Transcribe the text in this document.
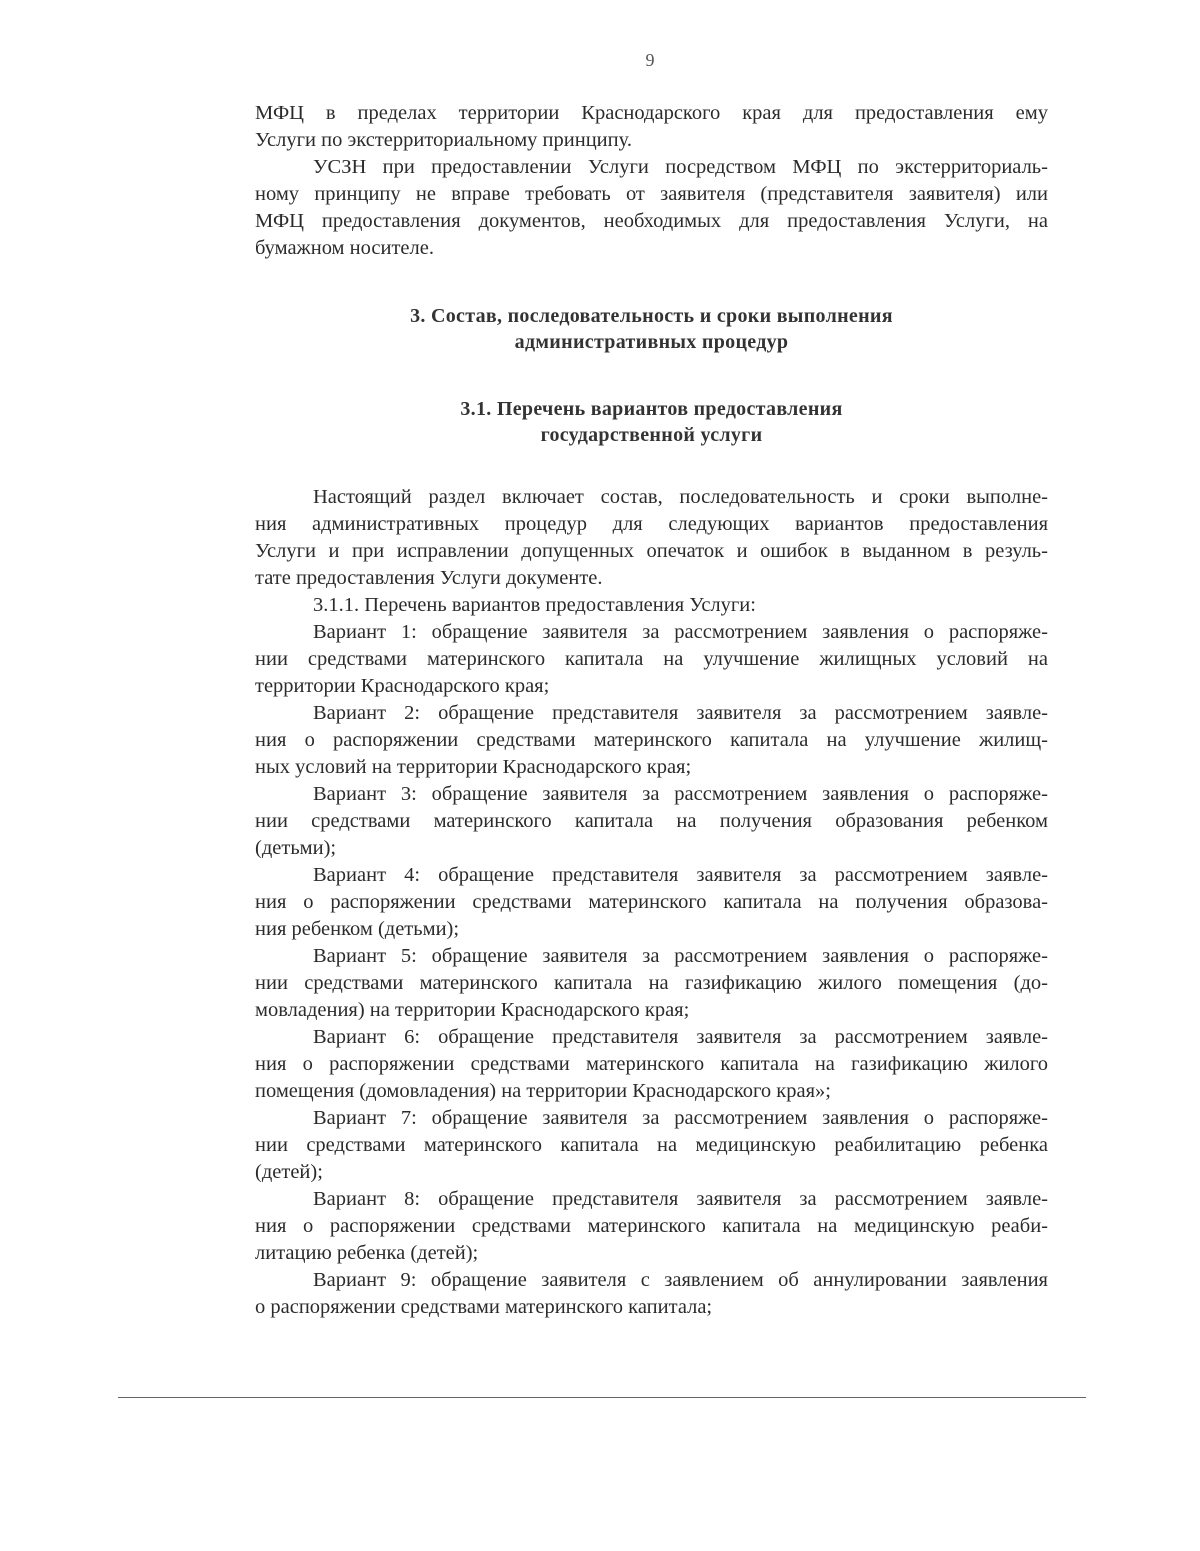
9
МФЦ в пределах территории Краснодарского края для предоставления ему
Услуги по экстерриториальному принципу.
УСЗН при предоставлении Услуги посредством МФЦ по экстерриториаль-
ному принципу не вправе требовать от заявителя (представителя заявителя) или
МФЦ предоставления документов, необходимых для предоставления Услуги, на
бумажном носителе.
3. Состав, последовательность и сроки выполнения
административных процедур
3.1. Перечень вариантов предоставления
государственной услуги
Настоящий раздел включает состав, последовательность и сроки выполне-
ния административных процедур для следующих вариантов предоставления
Услуги и при исправлении допущенных опечаток и ошибок в выданном в резуль-
тате предоставления Услуги документе.
3.1.1. Перечень вариантов предоставления Услуги:
Вариант 1: обращение заявителя за рассмотрением заявления о распоряже-
нии средствами материнского капитала на улучшение жилищных условий на
территории Краснодарского края;
Вариант 2: обращение представителя заявителя за рассмотрением заявле-
ния о распоряжении средствами материнского капитала на улучшение жилищ-
ных условий на территории Краснодарского края;
Вариант 3: обращение заявителя за рассмотрением заявления о распоряже-
нии средствами материнского капитала на получения образования ребенком
(детьми);
Вариант 4: обращение представителя заявителя за рассмотрением заявле-
ния о распоряжении средствами материнского капитала на получения образова-
ния ребенком (детьми);
Вариант 5: обращение заявителя за рассмотрением заявления о распоряже-
нии средствами материнского капитала на газификацию жилого помещения (до-
мовладения) на территории Краснодарского края;
Вариант 6: обращение представителя заявителя за рассмотрением заявле-
ния о распоряжении средствами материнского капитала на газификацию жилого
помещения (домовладения) на территории Краснодарского края»;
Вариант 7: обращение заявителя за рассмотрением заявления о распоряже-
нии средствами материнского капитала на медицинскую реабилитацию ребенка
(детей);
Вариант 8: обращение представителя заявителя за рассмотрением заявле-
ния о распоряжении средствами материнского капитала на медицинскую реаби-
литацию ребенка (детей);
Вариант 9: обращение заявителя с заявлением об аннулировании заявления
о распоряжении средствами материнского капитала;
